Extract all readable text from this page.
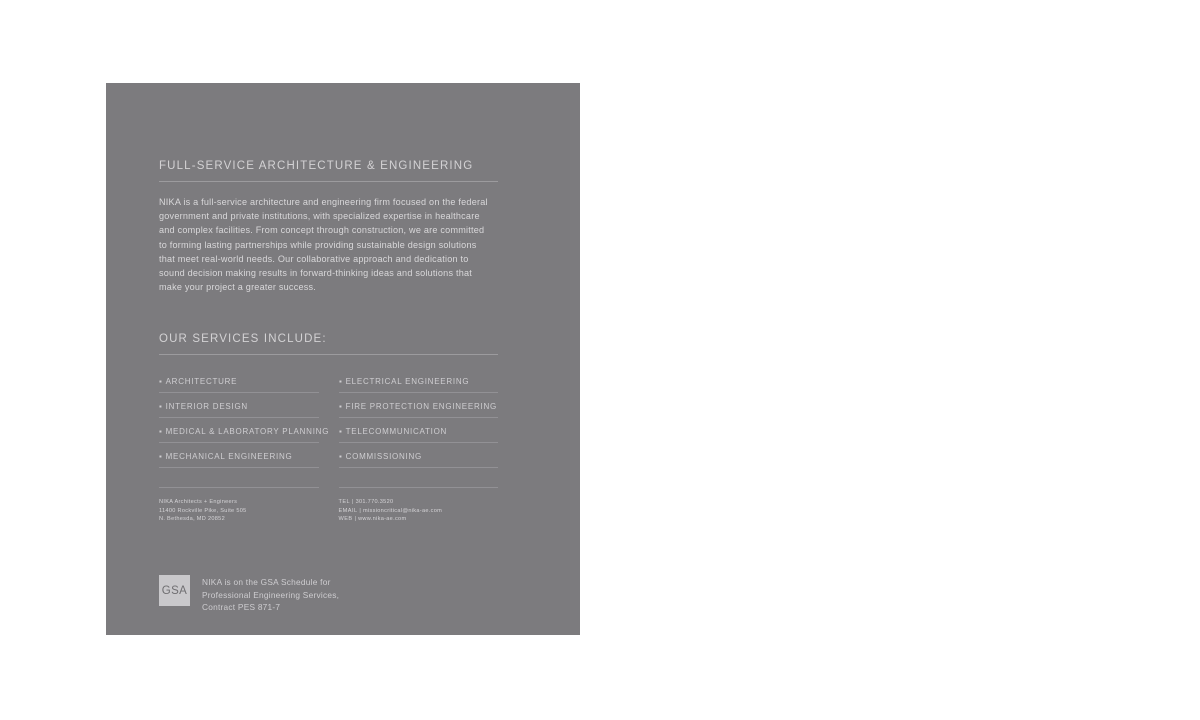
FULL-SERVICE ARCHITECTURE & ENGINEERING

NIKA is a full-service architecture and engineering firm focused on the federal government and private institutions, with specialized expertise in healthcare and complex facilities. From concept through construction, we are committed to forming lasting partnerships while providing sustainable design solutions that meet real-world needs. Our collaborative approach and dedication to sound decision making results in forward-thinking ideas and solutions that make your project a greater success.

OUR SERVICES INCLUDE:
▪ ARCHITECTURE
▪ INTERIOR DESIGN
▪ MEDICAL & LABORATORY PLANNING
▪ MECHANICAL ENGINEERING
▪ ELECTRICAL ENGINEERING
▪ FIRE PROTECTION ENGINEERING
▪ TELECOMMUNICATION
▪ COMMISSIONING
NIKA Architects + Engineers
11400 Rockville Pike, Suite 505
N. Bethesda, MD 20852
TEL | 301.770.3520
EMAIL | missioncritical@nika-ae.com
WEB | www.nika-ae.com
GSA
NIKA is on the GSA Schedule for
Professional Engineering Services,
Contract PES 871-7
